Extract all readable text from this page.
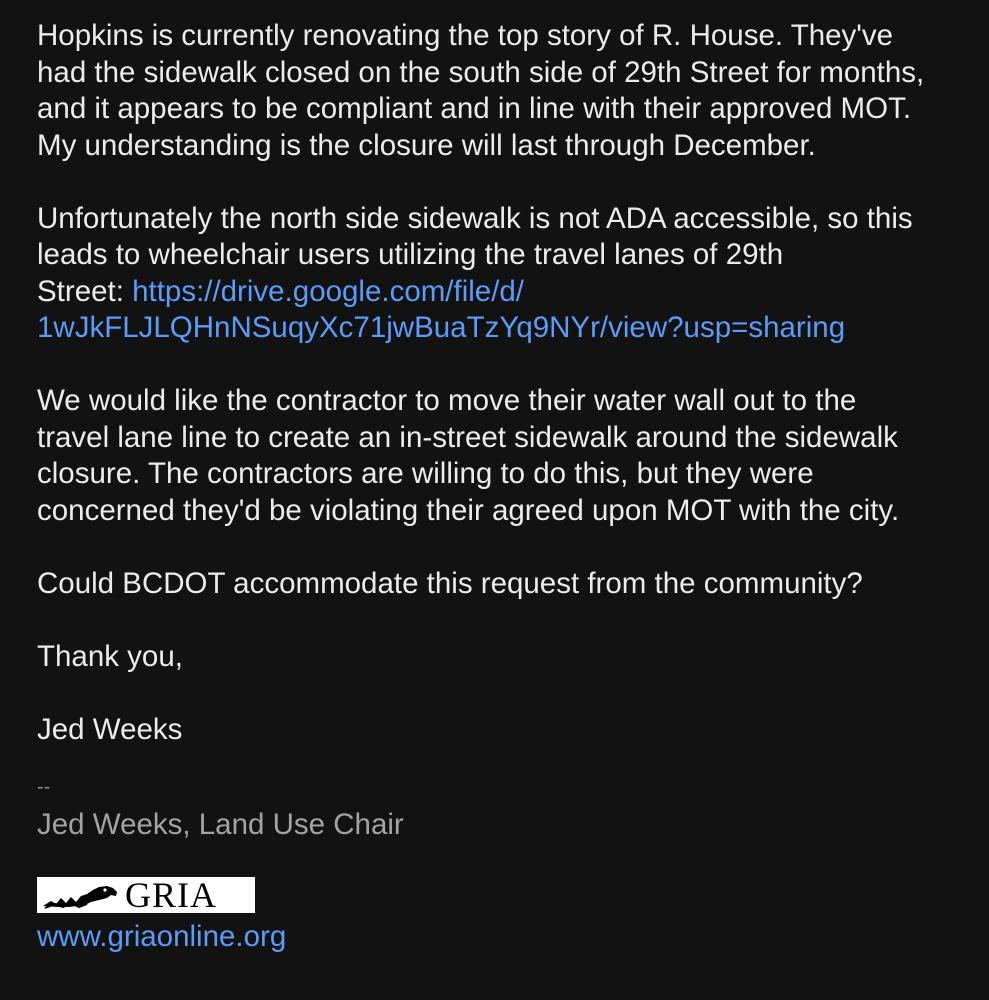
Hopkins is currently renovating the top story of R. House. They've
had the sidewalk closed on the south side of 29th Street for months,
and it appears to be compliant and in line with their approved MOT.
My understanding is the closure will last through December.
Unfortunately the north side sidewalk is not ADA accessible, so this
leads to wheelchair users utilizing the travel lanes of 29th
Street: https://drive.google.com/file/d/
1wJkFLJLQHnNSuqyXc71jwBuaTzYq9NYr/view?usp=sharing
We would like the contractor to move their water wall out to the
travel lane line to create an in-street sidewalk around the sidewalk
closure. The contractors are willing to do this, but they were
concerned they'd be violating their agreed upon MOT with the city.
Could BCDOT accommodate this request from the community?
Thank you,
Jed Weeks
--
Jed Weeks, Land Use Chair
GRIA
www.griaonline.org
